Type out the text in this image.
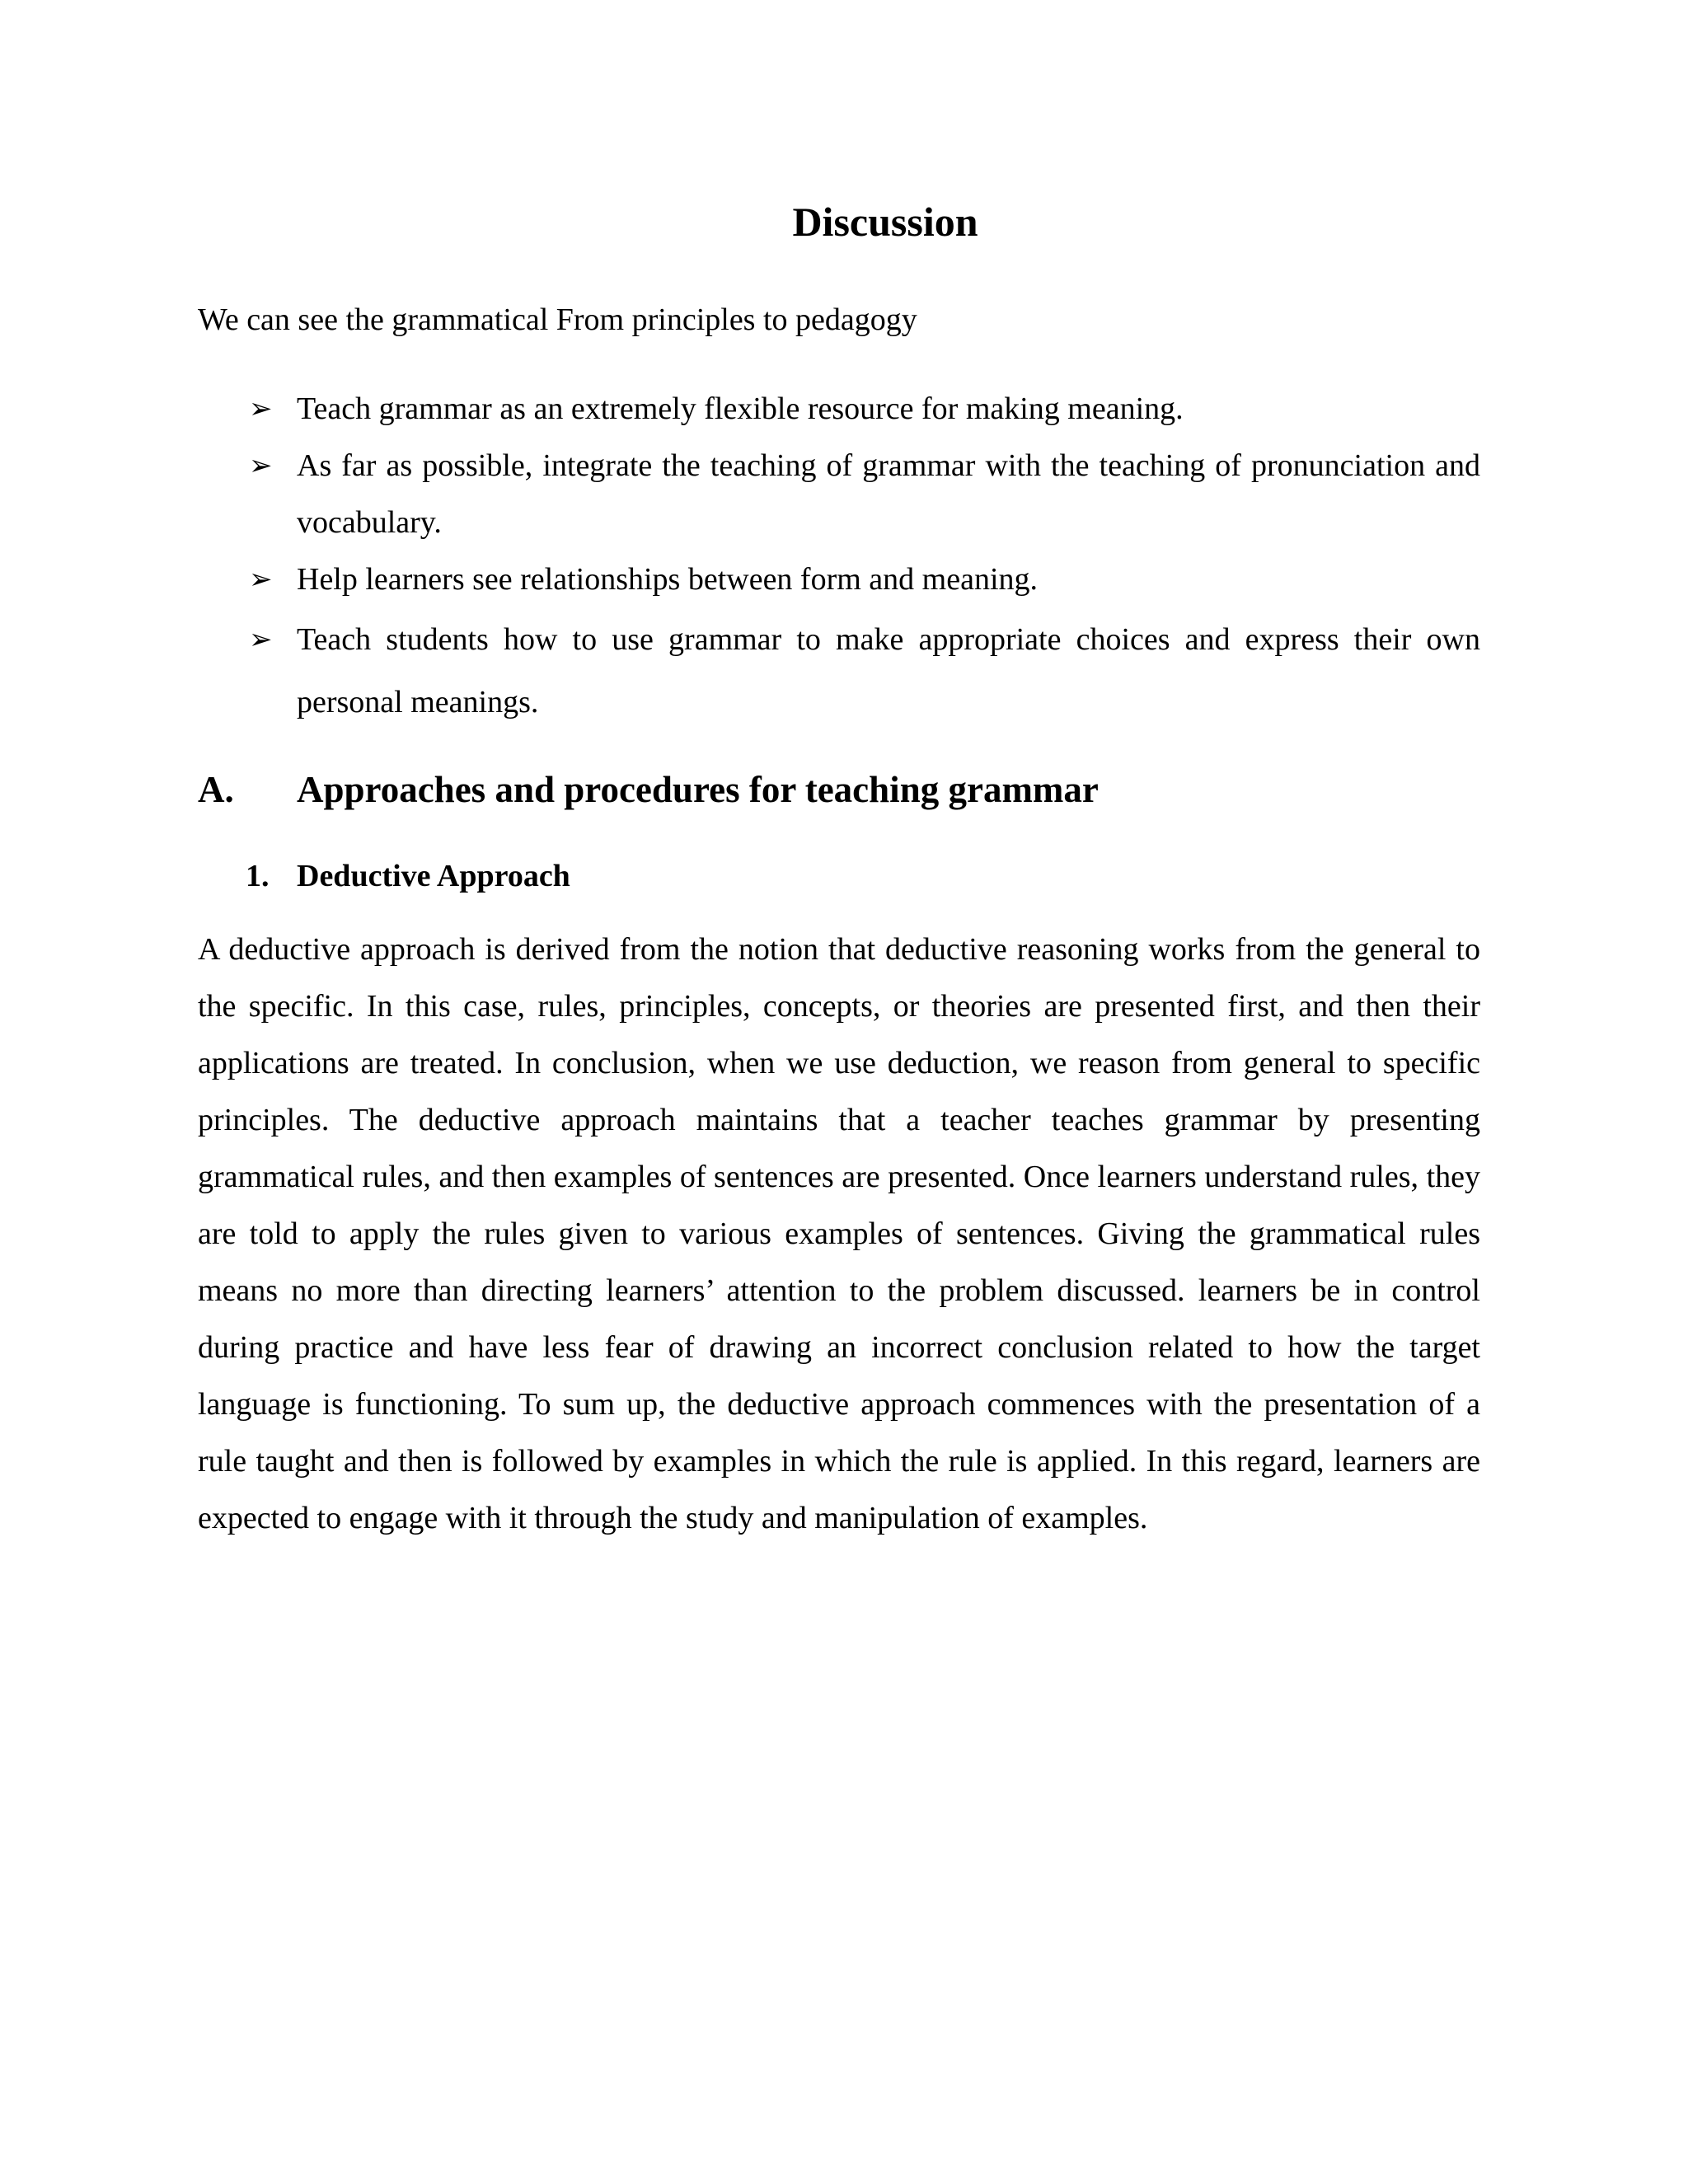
Discussion

We can see the grammatical From principles to pedagogy

➢ Teach grammar as an extremely flexible resource for making meaning.
➢ As far as possible, integrate the teaching of grammar with the teaching of pronunciation and vocabulary.
➢ Help learners see relationships between form and meaning.
➢ Teach students how to use grammar to make appropriate choices and express their own personal meanings.
A.	Approaches and procedures for teaching grammar
1. Deductive Approach

A deductive approach is derived from the notion that deductive reasoning works from the general to the specific. In this case, rules, principles, concepts, or theories are presented first, and then their applications are treated. In conclusion, when we use deduction, we reason from general to specific principles. The deductive approach maintains that a teacher teaches grammar by presenting grammatical rules, and then examples of sentences are presented. Once learners understand rules, they are told to apply the rules given to various examples of sentences. Giving the grammatical rules means no more than directing learners’ attention to the problem discussed. learners be in control during practice and have less fear of drawing an incorrect conclusion related to how the target language is functioning. To sum up, the deductive approach commences with the presentation of a rule taught and then is followed by examples in which the rule is applied. In this regard, learners are expected to engage with it through the study and manipulation of examples.
